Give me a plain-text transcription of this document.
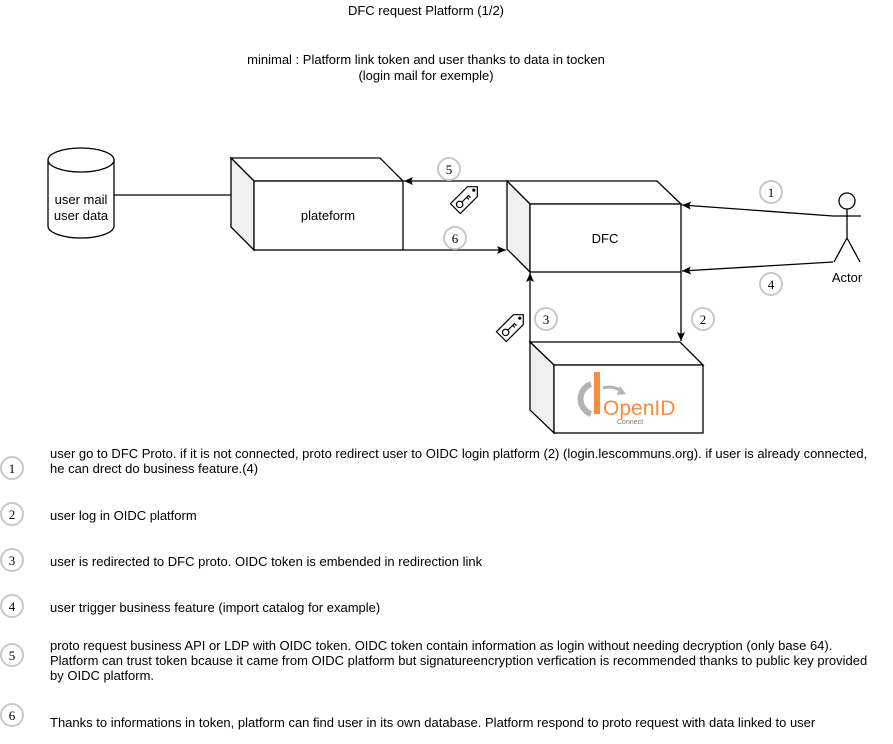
DFC request Platform (1/2)
minimal : Platform link token and user thanks to data in tocken
(login mail for exemple)
user mail
user data	plateform
DFC
OpenID
Connect
Actor
1
4
2
3
5
6
1
2
3
4
5
6
user go to DFC Proto. if it is not connected, proto redirect user to OIDC login platform (2) (login.lescommuns.org). if user is already connected, he can drect do business feature.(4)
user log in OIDC platform
user is redirected to DFC proto. OIDC token is embended in redirection link
user trigger business feature (import catalog for example)
proto request business API or LDP with OIDC token. OIDC token contain information as login without needing decryption (only base 64). Platform can trust token bcause it came from OIDC platform but signatureencryption verfication is recommended thanks to public key provided by OIDC platform.
Thanks to informations in token, platform can find user in its own database. Platform respond to proto request with data linked to user
